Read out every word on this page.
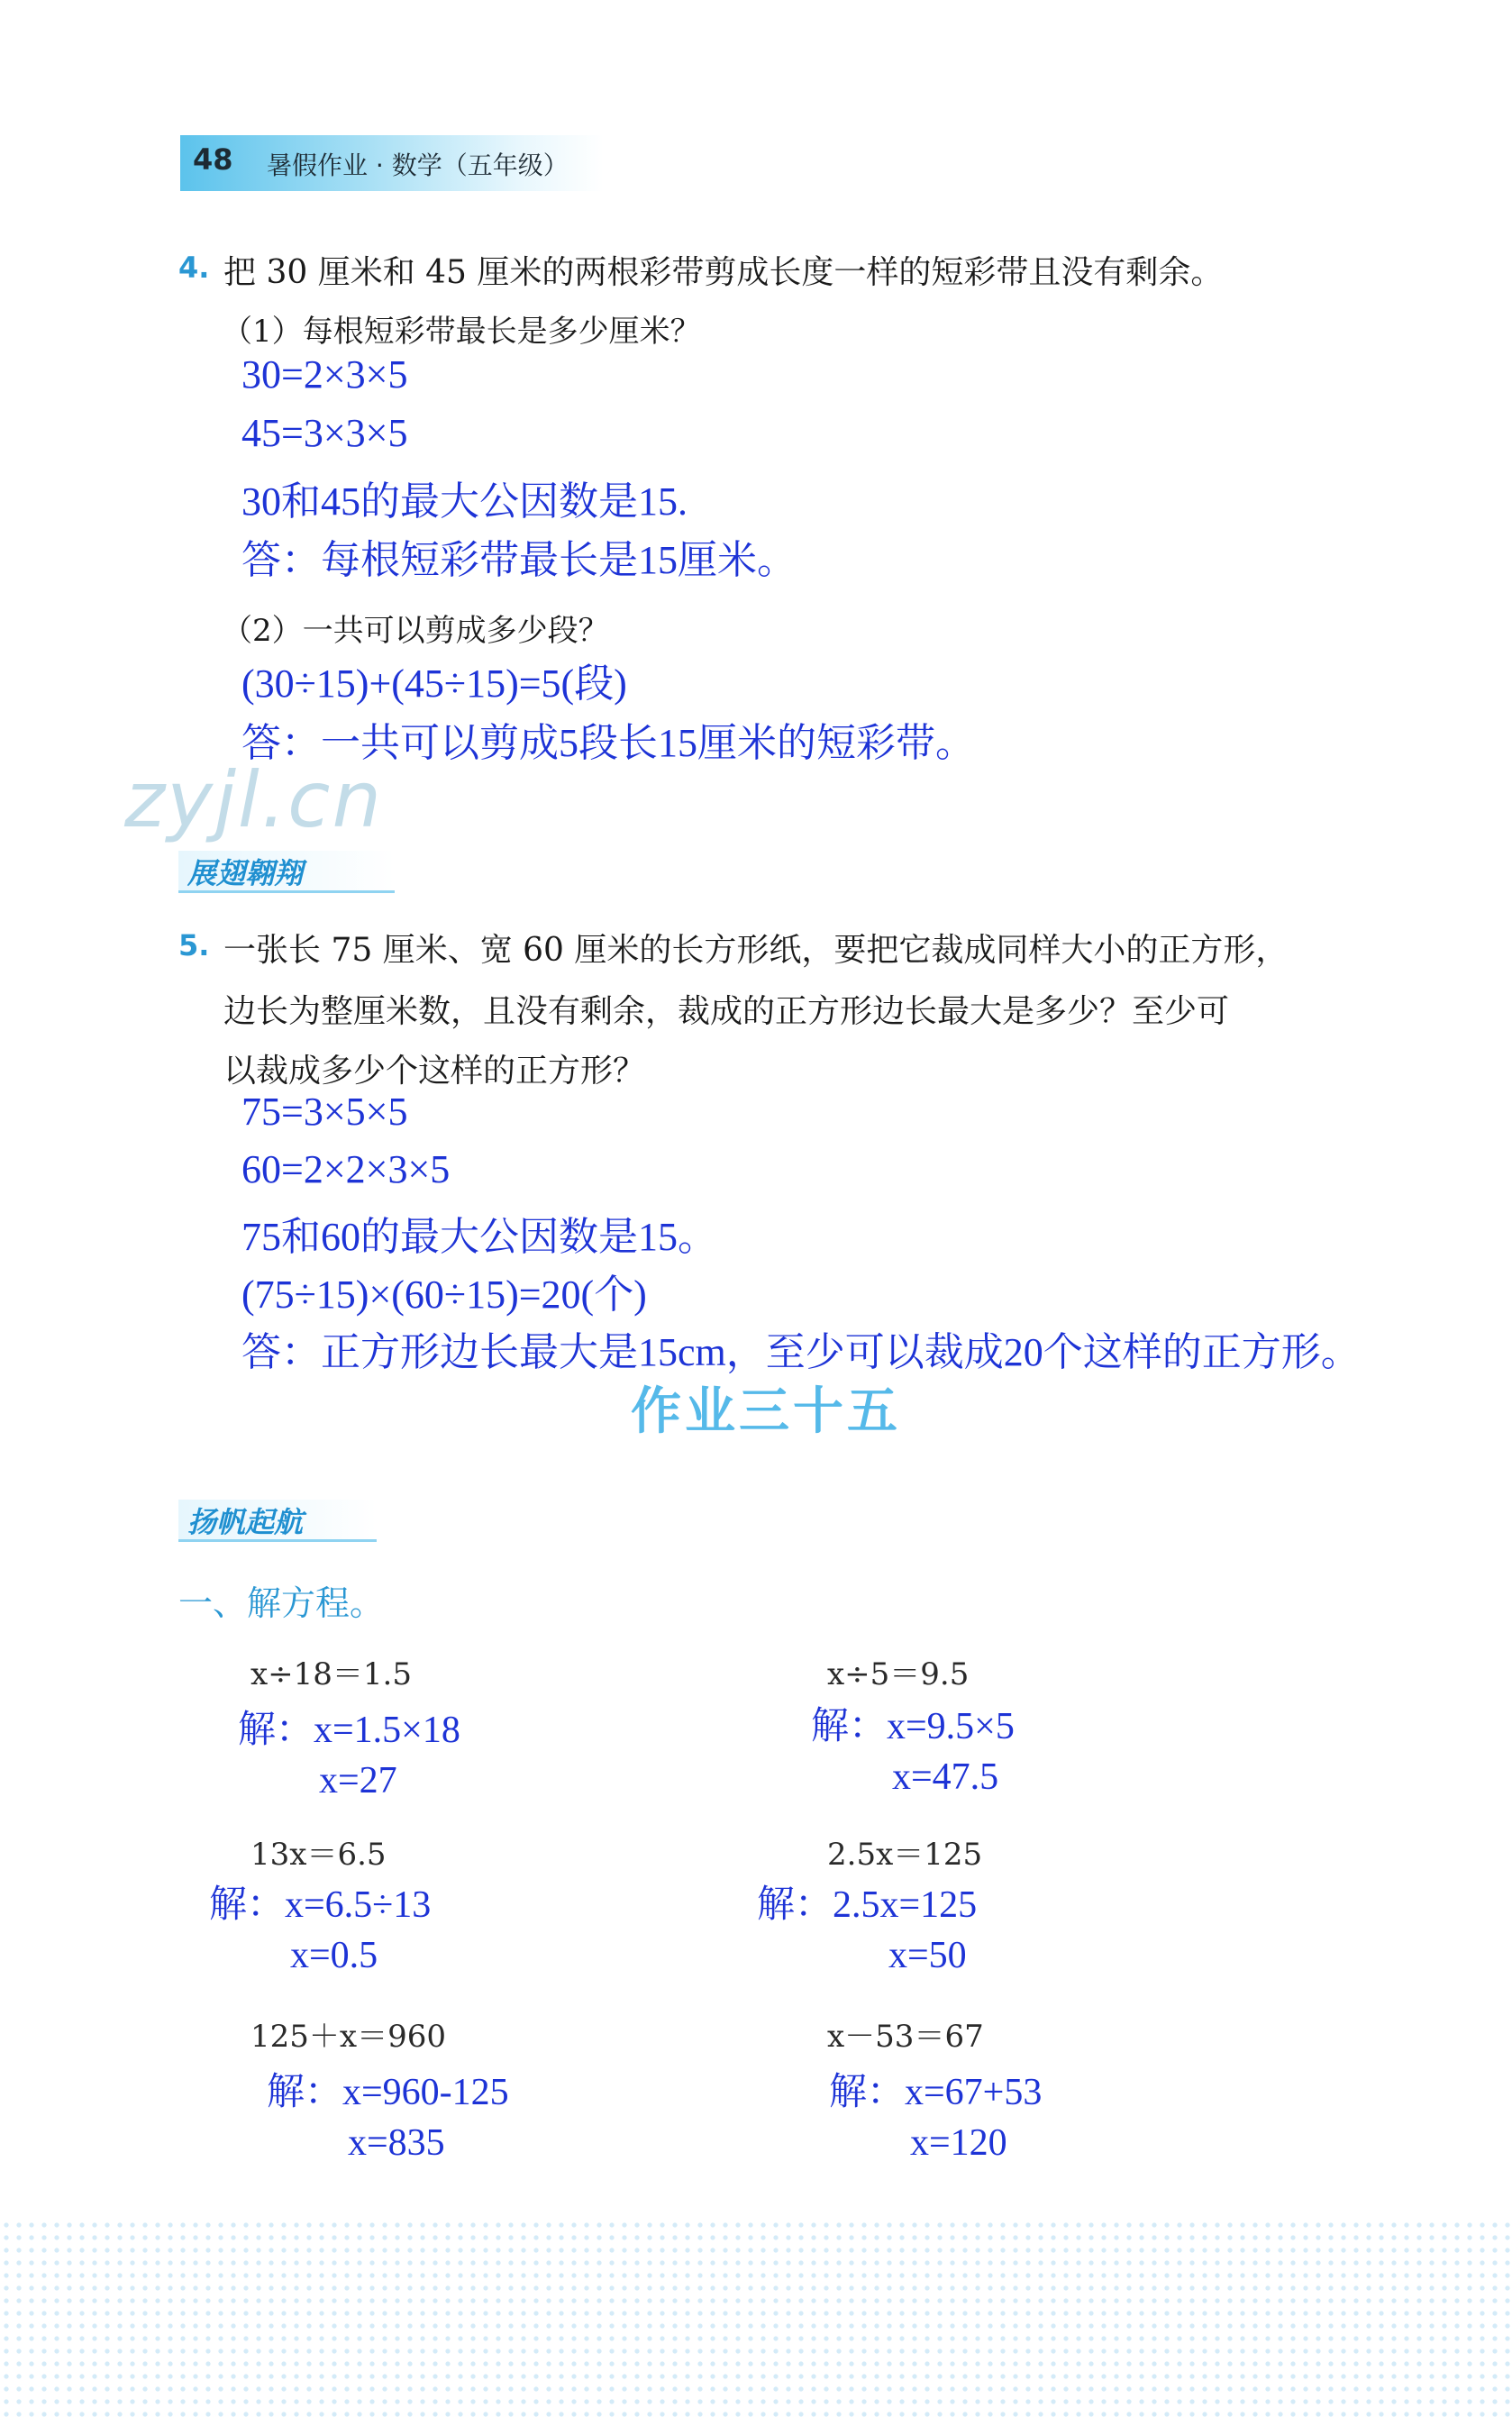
48 暑假作业 · 数学（五年级）
zyjl.cn
4. 把 30 厘米和 45 厘米的两根彩带剪成长度一样的短彩带且没有剩余。
（1）每根短彩带最长是多少厘米？
30=2×3×5
45=3×3×5
30和45的最大公因数是15.
答：每根短彩带最长是15厘米。
（2）一共可以剪成多少段？
(30÷15)+(45÷15)=5(段)
答：一共可以剪成5段长15厘米的短彩带。
展翅翱翔
5. 一张长 75 厘米、宽 60 厘米的长方形纸，要把它裁成同样大小的正方形，
边长为整厘米数，且没有剩余，裁成的正方形边长最大是多少？至少可
以裁成多少个这样的正方形？
75=3×5×5
60=2×2×3×5
75和60的最大公因数是15。
(75÷15)×(60÷15)=20(个)
答：正方形边长最大是15cm，至少可以裁成20个这样的正方形。
作业三十五
扬帆起航
一、解方程。
x÷18＝1.5
解：x=1.5×18
x=27
13x＝6.5
解：x=6.5÷13
x=0.5
125＋x＝960
解：x=960-125
x=835
x÷5＝9.5
解：x=9.5×5
x=47.5
2.5x＝125
解：2.5x=125
x=50
x－53＝67
解：x=67+53
x=120
